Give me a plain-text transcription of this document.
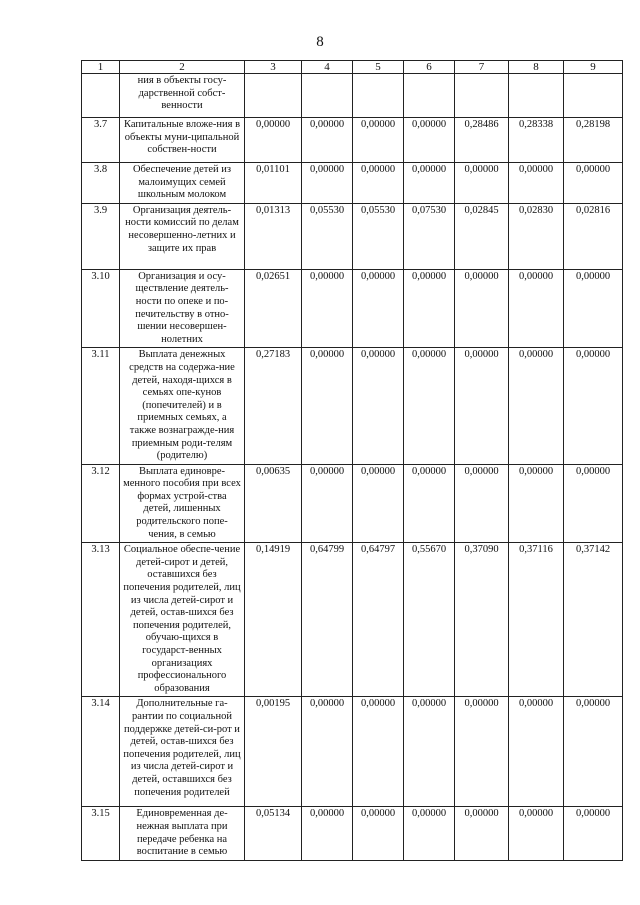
8
1	2	3	4	5	6	7	8	9
	ния в объекты госу-дарственной собст-венности							
3.7	Капитальные вложе-ния в объекты муни-ципальной собствен-ности	0,00000	0,00000	0,00000	0,00000	0,28486	0,28338	0,28198
3.8	Обеспечение детей из малоимущих семей школьным молоком	0,01101	0,00000	0,00000	0,00000	0,00000	0,00000	0,00000
3.9	Организация деятель-ности комиссий по делам несовершенно-летних и защите их прав	0,01313	0,05530	0,05530	0,07530	0,02845	0,02830	0,02816
3.10	Организация и осу-ществление деятель-ности по опеке и по-печительству в отно-шении несовершен-нолетних	0,02651	0,00000	0,00000	0,00000	0,00000	0,00000	0,00000
3.11	Выплата денежных средств на содержа-ние детей, находя-щихся в семьях опе-кунов (попечителей) и в приемных семьях, а также вознагражде-ния приемным роди-телям (родителю)	0,27183	0,00000	0,00000	0,00000	0,00000	0,00000	0,00000
3.12	Выплата единовре-менного пособия при всех формах устрой-ства детей, лишенных родительского попе-чения, в семью	0,00635	0,00000	0,00000	0,00000	0,00000	0,00000	0,00000
3.13	Социальное обеспе-чение детей-сирот и детей, оставшихся без попечения родителей, лиц из числа детей-сирот и детей, остав-шихся без попечения родителей, обучаю-щихся в государст-венных организациях профессионального образования	0,14919	0,64799	0,64797	0,55670	0,37090	0,37116	0,37142
3.14	Дополнительные га-рантии по социальной поддержке детей-си-рот и детей, остав-шихся без попечения родителей, лиц из числа детей-сирот и детей, оставшихся без попечения родителей	0,00195	0,00000	0,00000	0,00000	0,00000	0,00000	0,00000
3.15	Единовременная де-нежная выплата при передаче ребенка на воспитание в семью	0,05134	0,00000	0,00000	0,00000	0,00000	0,00000	0,00000
